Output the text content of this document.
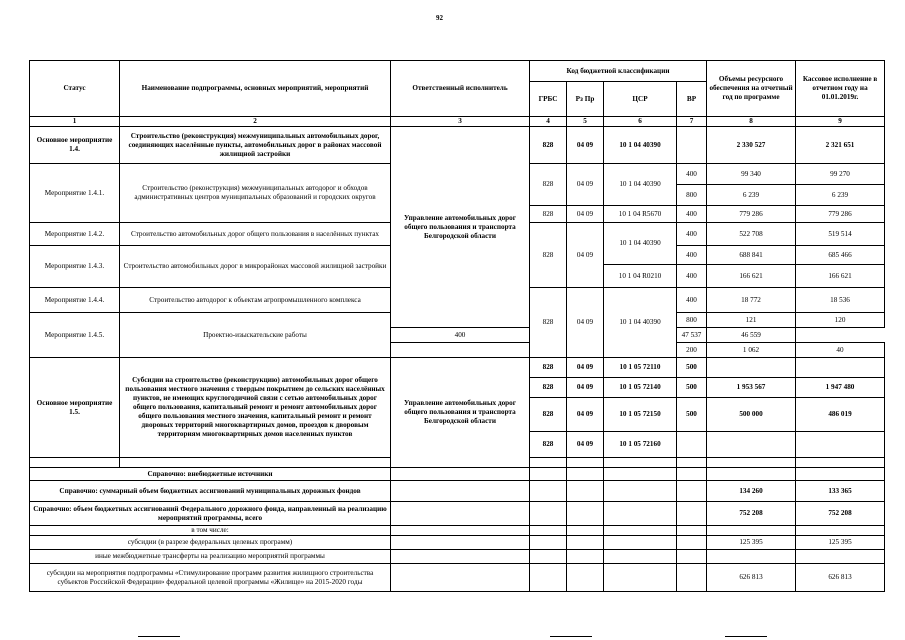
92
Статус	Наименование подпрограммы, основных мероприятий, мероприятий	Ответственный исполнитель	Код бюджетной классификации				Объемы ресурсного обеспечения на отчетный год по программе	Кассовое исполнение в отчетном году на 01.01.2019г.
			ГРБС	Рз Пр	ЦСР	ВР		
1	2	3	4	5	6	7	8	9
Основное мероприятие 1.4.	Строительство (реконструкция) межмуниципальных автомобильных дорог, соединяющих населённые пункты, автомобильных дорог в районах массовой жилищной застройки	Управление автомобильных дорог общего пользования и транспорта Белгородской области	828	04 09	10 1 04 40390		2 330 527	2 321 651
Мероприятие 1.4.1.	Строительство (реконструкция) межмуниципальных автодорог и обходов административных центров муниципальных образований и городских округов		828	04 09	10 1 04 40390	400	99 340	99 270
						800	6 239	6 239
			828	04 09	10 1 04 R5670	400	779 286	779 286
Мероприятие 1.4.2.	Строительство автомобильных дорог общего пользования в населённых пунктах		828	04 09	10 1 04 40390	400	522 708	519 514
Мероприятие 1.4.3.	Строительство автомобильных дорог в микрорайонах массовой жилищной застройки					400	688 841	685 466
					10 1 04 R0210	400	166 621	166 621
Мероприятие 1.4.4.	Строительство автодорог к объектам агропромышленного комплекса		828	04 09	10 1 04 40390	400	18 772	18 536
Мероприятие 1.4.5.	Проектно-изыскательские работы					800	121	120
		400				47 537	46 559	
						200	1 062	40
Основное мероприятие 1.5.	Субсидии на строительство (реконструкцию) автомобильных дорог общего пользования местного значения с твердым покрытием до сельских населённых пунктов, не имеющих круглогодичной связи с сетью автомобильных дорог общего пользования, капитальный ремонт и ремонт автомобильных дорог общего пользования местного значения, капитальный ремонт и ремонт дворовых территорий многоквартирных домов, проездов к дворовым территориям многоквартирных домов населенных пунктов	Управление автомобильных дорог общего пользования и транспорта Белгородской области	828	04 09	10 1 05 72110	500		
			828	04 09	10 1 05 72140	500	1 953 567	1 947 480
			828	04 09	10 1 05 72150	500	500 000	486 019
			828	04 09	10 1 05 72160			

Справочно: внебюджетные источники								
Справочно: суммарный объем бюджетных ассигнований муниципальных дорожных фондов							134 260	133 365
Справочно: объем бюджетных ассигнований Федерального дорожного фонда, направленный на реализацию мероприятий программы, всего							752 208	752 208
в том числе:								
субсидии (в разрезе федеральных целевых программ)							125 395	125 395
иные межбюджетные трансферты на реализацию мероприятий программы								
субсидии на мероприятия подпрограммы «Стимулирование программ развития жилищного строительства субъектов Российской Федерации» федеральной целевой программы «Жилище» на 2015-2020 годы							626 813	626 813
